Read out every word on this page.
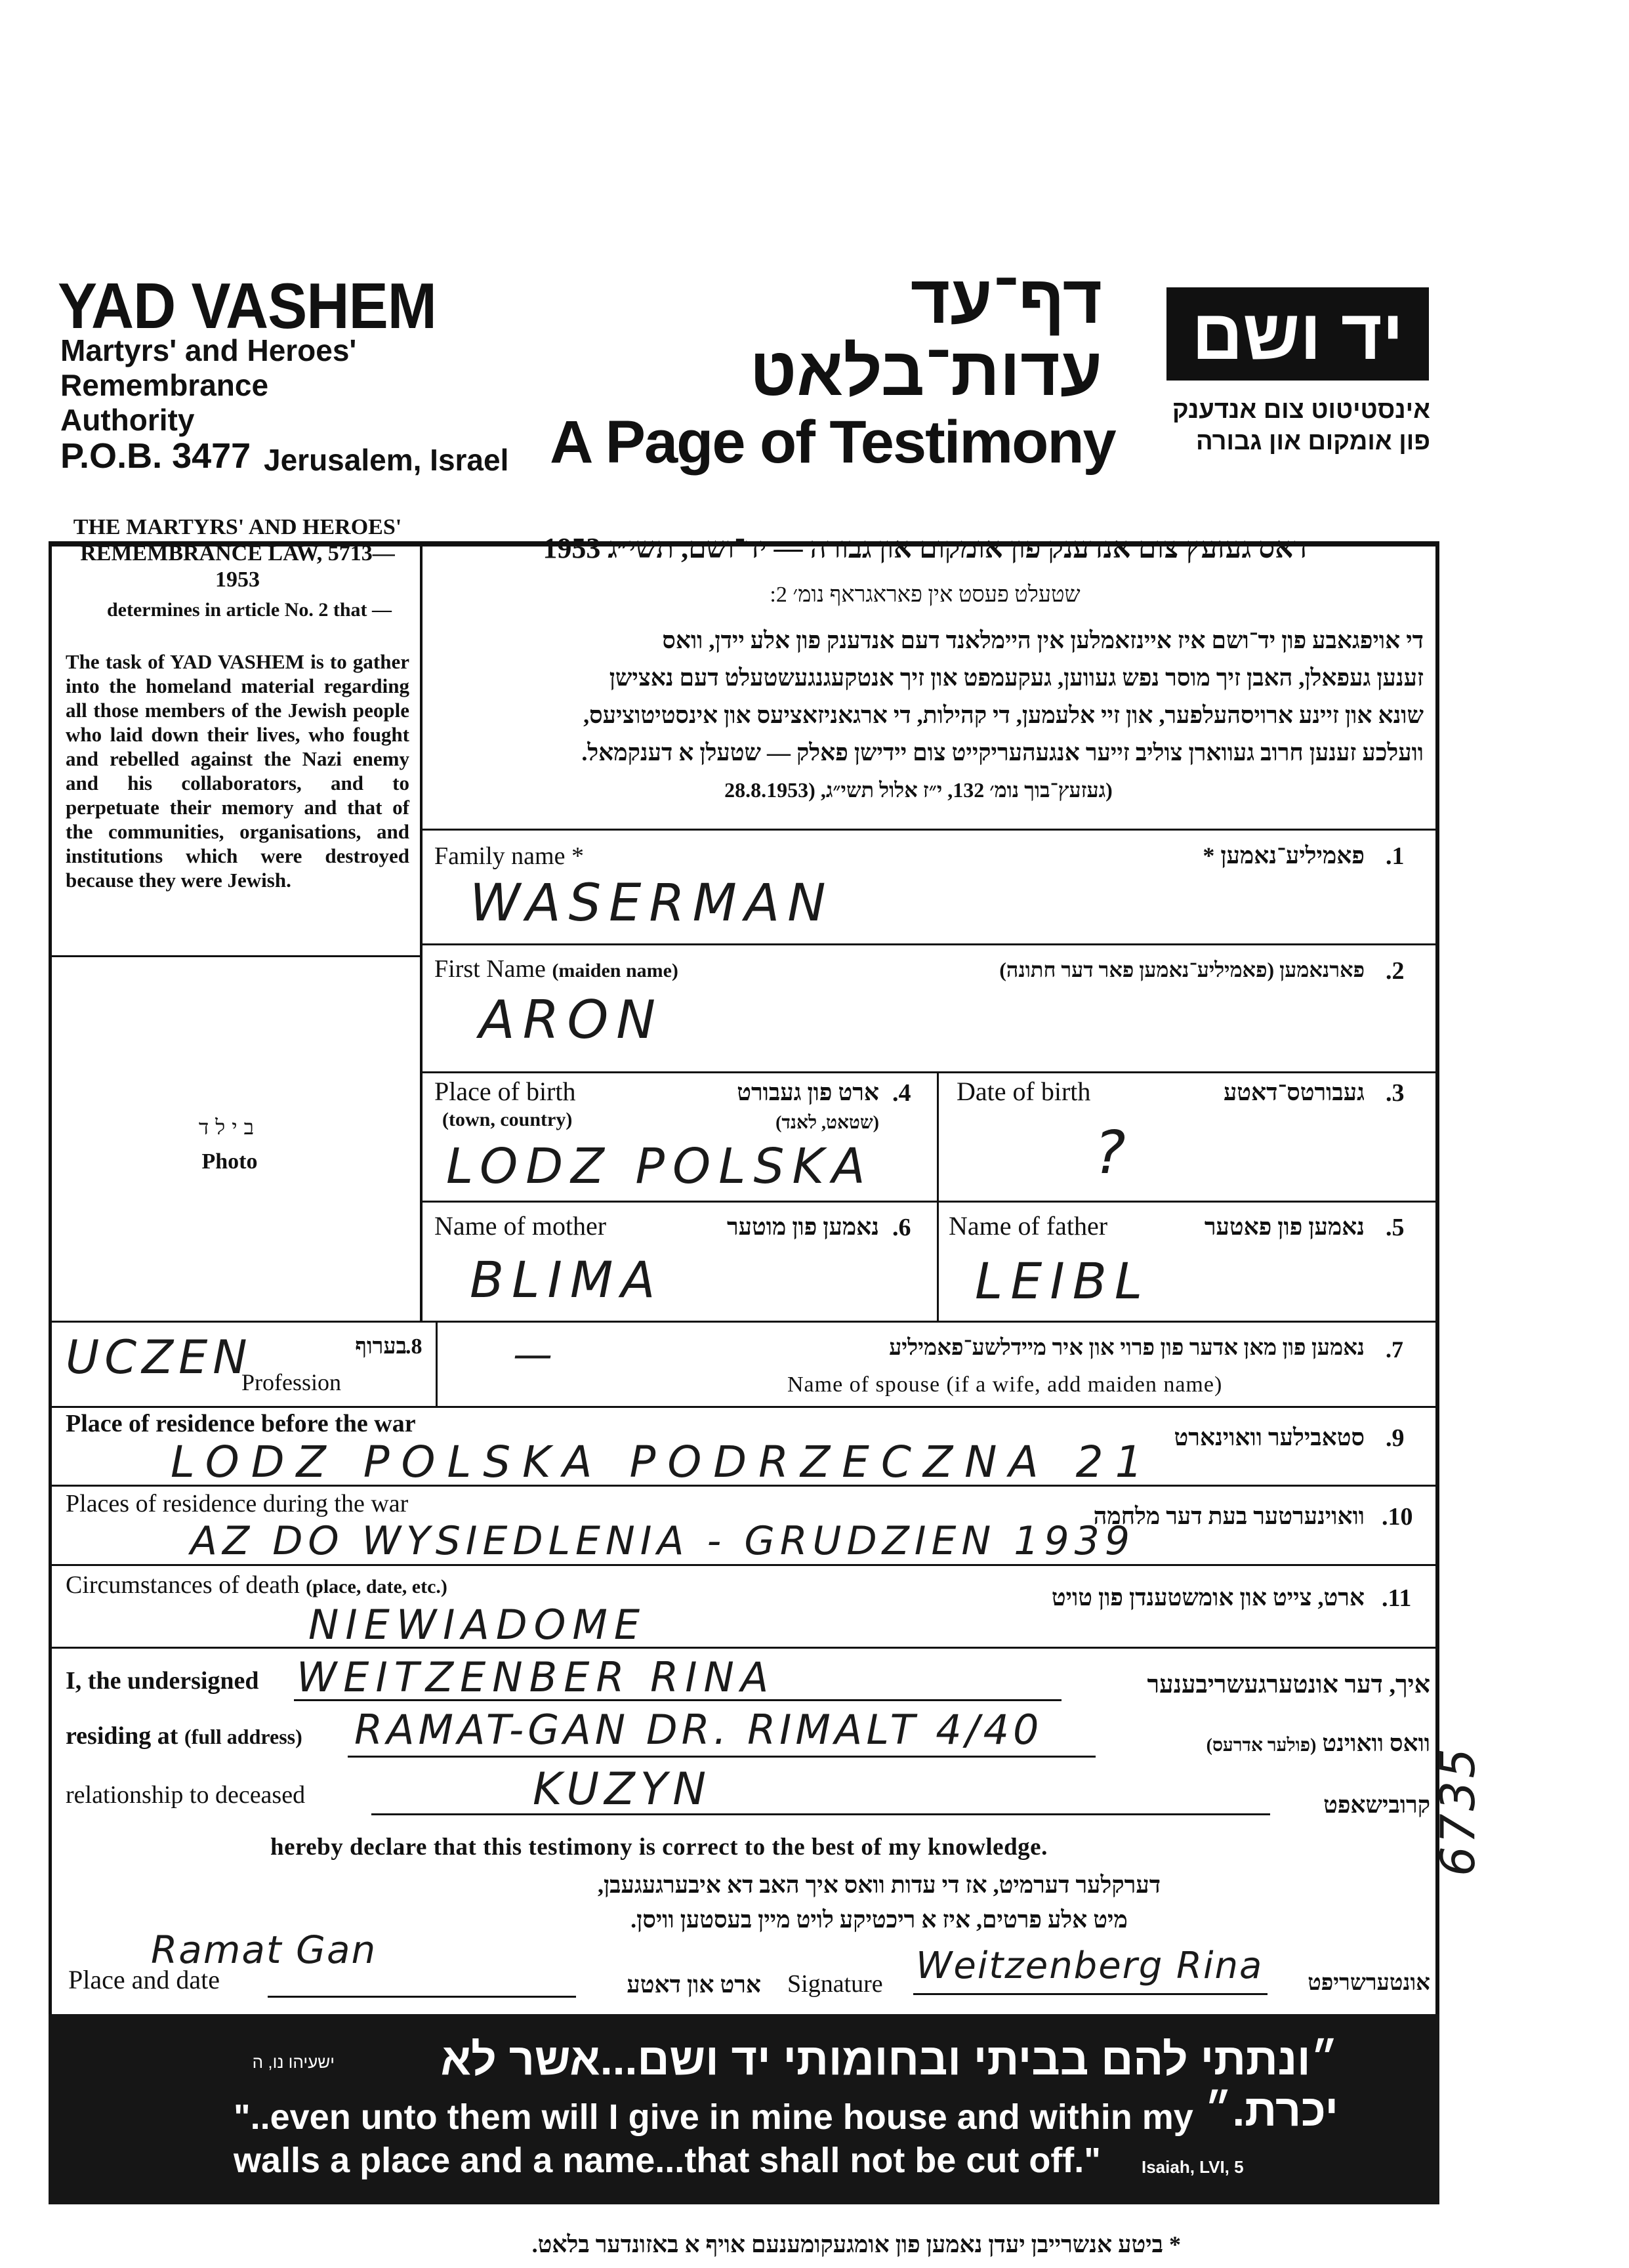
YAD VASHEM
Martyrs' and Heroes'
Remembrance
Authority
P.O.B. 3477 Jerusalem, Israel
דף־עד
עדות־בלאט
A Page of Testimony
יד ושם
אינסטיטוט צום אנדענק
פון אומקום און גבורה
THE MARTYRS' AND HEROES' REMEMBRANCE LAW, 5713—1953
determines in article No. 2 that —
The task of YAD VASHEM is to gather into the homeland material regarding all those members of the Jewish people who laid down their lives, who fought and rebelled against the Nazi enemy and his collaborators, and to perpetuate their memory and that of the communities, organisations, and institutions which were destroyed because they were Jewish.
בילד
Photo
דאס געזעץ צום אנדענק פון אומקום און גבורה — יד־ושם, תשי״ג 1953
שטעלט פעסט אין פאראגראף נומ׳ 2:
די אויפגאבע פון יד־ושם איז איינזאמלען אין היימלאנד דעם אנדענק פון אלע יידן, וואס
זענען געפאלן, האבן זיך מוסר נפש געווען, געקעמפט און זיך אנטקעגנגעשטעלט דעם נאצישן
שונא און זיינע ארויסהעלפער, און זיי אלעמען, די קהילות, די ארגאניזאציעס און אינסטיטוציעס,
וועלכע זענען חרוב געווארן צוליב זייער אנגעהעריקייט צום יידישן פאלק — שטעלן א דענקמאל.
(געזעץ־בוך נומ׳ 132, י״ז אלול תשי״ג, (28.8.1953
Family name *	פאמיליע־נאמען * .1
WASERMAN
First Name (maiden name)	פארנאמען (פאמיליע־נאמען פאר דער חתונה) .2
ARON
Place of birth
(town, country)
ארט פון געבורט
(שטאט, לאנד)
.4
LODZ POLSKA
Date of birth	געבורטס־דאטע .3
?
Name of mother	נאמען פון מוטער .6
BLIMA
Name of father	נאמען פון פאטער .5
LEIBL
UCZEN	בערוף
.8
Profession
—	נאמען פון מאן אדער פון פרוי און איר מיידלשע־פאמיליע .7
Name of spouse (if a wife, add maiden name)
Place of residence before the war	סטאבילער וואוינארט .9
LODZ POLSKA PODRZECZNA 21
Places of residence during the war	וואוינערטער בעת דער מלחמה .10
AZ DO WYSIEDLENIA - GRUDZIEN 1939
Circumstances of death (place, date, etc.)	ארט, צייט און אומשטענדן פון טויט .11
NIEWIADOME
I, the undersigned WEITZENBER RINA	איך, דער אונטערגעשריבענער
residing at (full address) RAMAT-GAN DR. RIMALT 4/40	וואס וואוינט (פולער אדרעס)
relationship to deceased	KUZYN	קרובישאפט
hereby declare that this testimony is correct to the best of my knowledge.
דערקלער דערמיט, אז די עדות וואס איך האב דא איבערגעגעבן,
מיט אלע פרטים, איז א ריכטיקע לויט מיין בעסטען וויסן.
Ramat Gan
Place and date	ארט און דאטע Signature Weitzenberg Rina	אונטערשריפט
״ונתתי להם בביתי ובחומותי יד ושם...אשר לא יכרת.״
ישעיהו נו, ה
"..even unto them will I give in mine house and within my
walls a place and a name...that shall not be cut off." Isaiah, LVI, 5
* ביטע אנשרייבן יעדן נאמען פון אומגעקומענעם אויף א באזונדער בלאט.
6735
